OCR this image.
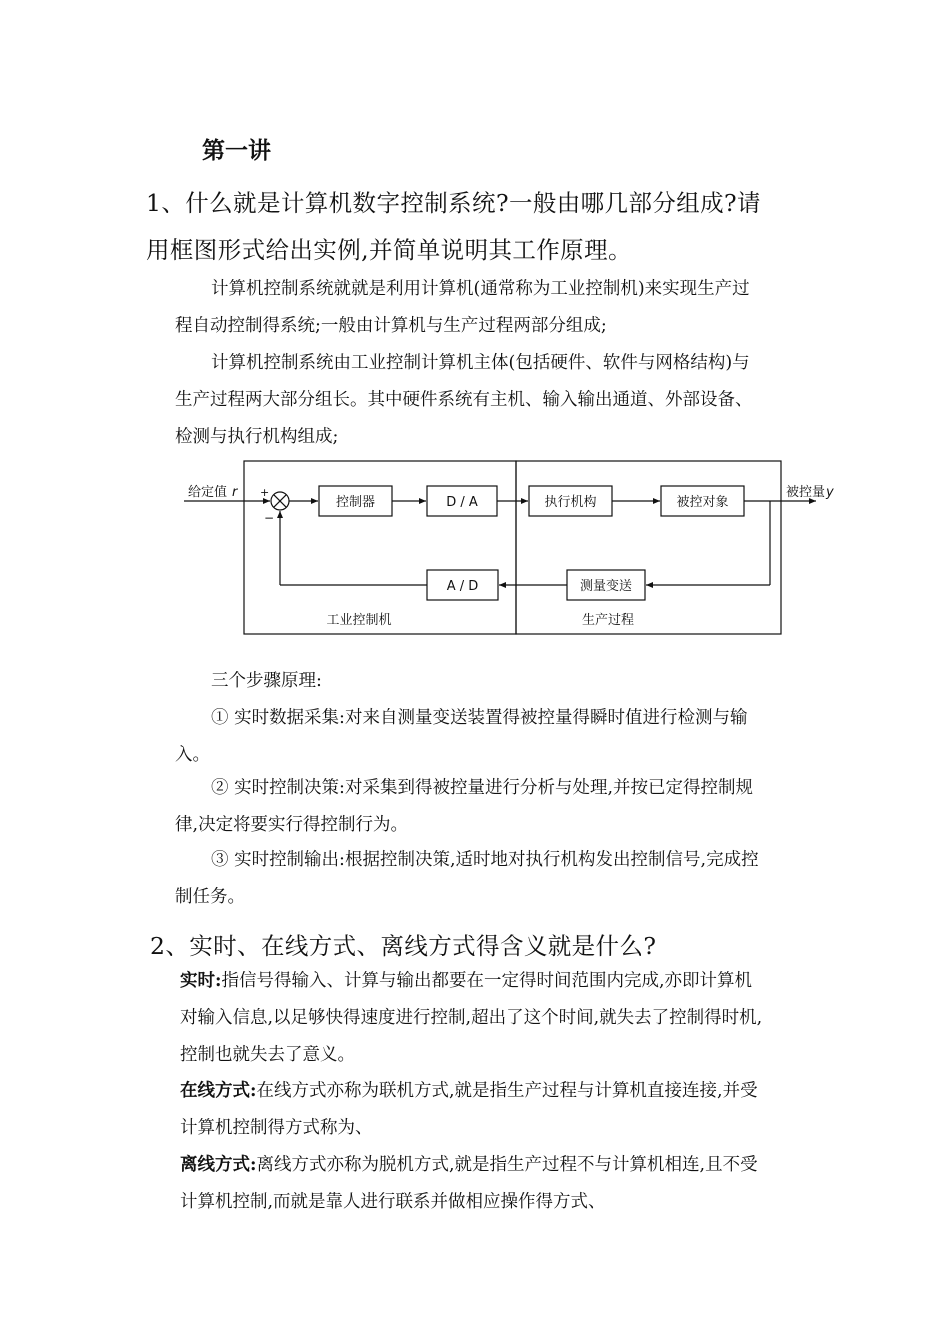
第一讲
1、什么就是计算机数字控制系统?一般由哪几部分组成?请
用框图形式给出实例,并简单说明其工作原理。
计算机控制系统就就是利用计算机(通常称为工业控制机)来实现生产过
程自动控制得系统;一般由计算机与生产过程两部分组成;
计算机控制系统由工业控制计算机主体(包括硬件、软件与网格结构)与
生产过程两大部分组长。其中硬件系统有主机、输入输出通道、外部设备、
检测与执行机构组成;
给定值 r +
−
控制器	D / A	执行机构	被控对象
被控量 y
测量变送
A / D
工业控制机	生产过程
三个步骤原理:
① 实时数据采集:对来自测量变送装置得被控量得瞬时值进行检测与输
入。
② 实时控制决策:对采集到得被控量进行分析与处理,并按已定得控制规
律,决定将要实行得控制行为。
③ 实时控制输出:根据控制决策,适时地对执行机构发出控制信号,完成控
制任务。
2、实时、在线方式、离线方式得含义就是什么?
实时:指信号得输入、计算与输出都要在一定得时间范围内完成,亦即计算机
对输入信息,以足够快得速度进行控制,超出了这个时间,就失去了控制得时机,
控制也就失去了意义。
在线方式:在线方式亦称为联机方式,就是指生产过程与计算机直接连接,并受
计算机控制得方式称为、
离线方式:离线方式亦称为脱机方式,就是指生产过程不与计算机相连,且不受
计算机控制,而就是靠人进行联系并做相应操作得方式、
